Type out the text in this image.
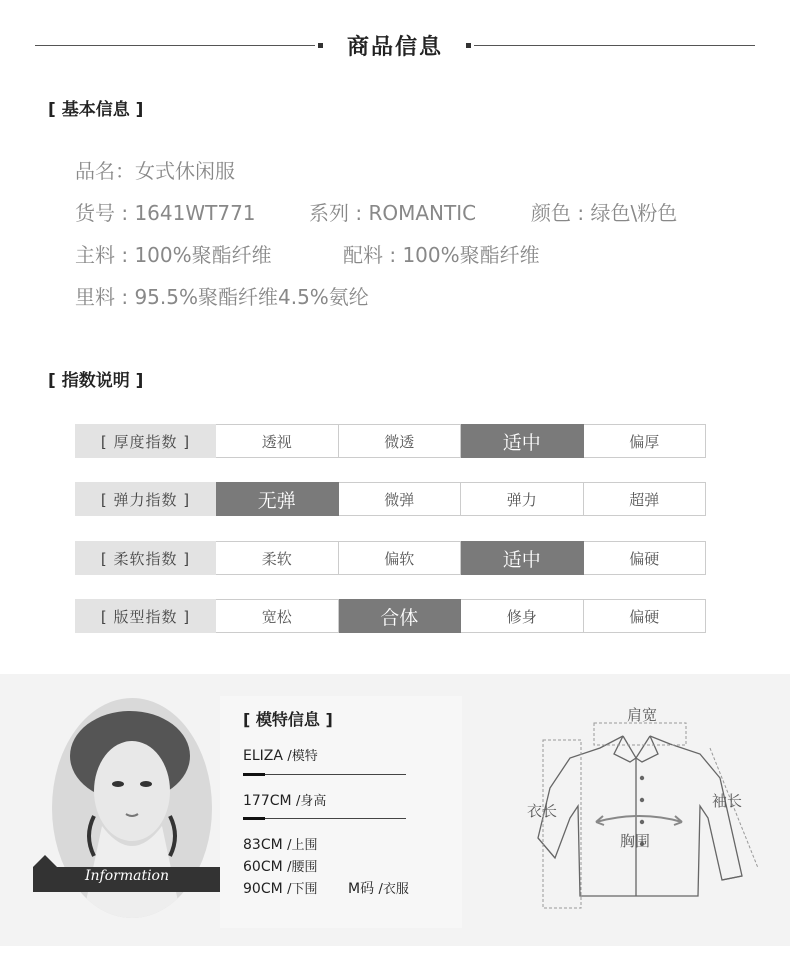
商品信息
[ 基本信息 ]
品名：女式休闲服
货号 : 1641WT771	系列 : ROMANTIC	颜色 : 绿色\粉色
主料 : 100%聚酯纤维	配料 : 100%聚酯纤维
里料 : 95.5%聚酯纤维4.5%氨纶
[ 指数说明 ]
[ 厚度指数 ]	透视	微透	适中	偏厚
[ 弹力指数 ]	无弹	微弹	弹力	超弹
[ 柔软指数 ]	柔软	偏软	适中	偏硬
[ 版型指数 ]	宽松	合体	修身	偏硬
Information
[ 模特信息 ]
ELIZA /模特
177CM /身高
83CM /上围
60CM /腰围
90CM /下围 M码 /衣服
肩宽
衣长
胸围
袖长
